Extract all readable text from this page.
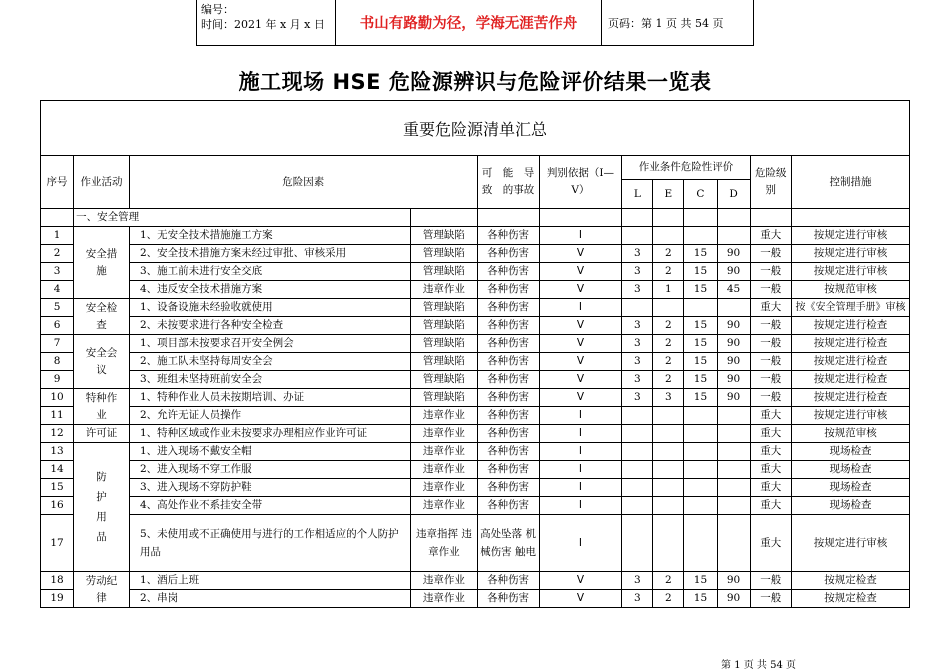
编号：
时间：2021 年 x 月 x 日	书山有路勤为径，学海无涯苦作舟	页码：第 1 页 共 54 页
施工现场 HSE 危险源辨识与危险评价结果一览表
重要危险源清单汇总
序号	作业活动	危险因素		可　能　导　致　的事故	判别依据（Ⅰ—Ⅴ）	作业条件危险性评价				危险级别	控制措施
						L	E	C	D		
	一、安全管理										
1	安全措施	1、无安全技术措施施工方案	管理缺陷	各种伤害	Ⅰ					重大	按规定进行审核
2		2、安全技术措施方案未经过审批、审核采用	管理缺陷	各种伤害	Ⅴ	3	2	15	90	一般	按规定进行审核
3		3、施工前未进行安全交底	管理缺陷	各种伤害	Ⅴ	3	2	15	90	一般	按规定进行审核
4		4、违反安全技术措施方案	违章作业	各种伤害	Ⅴ	3	1	15	45	一般	按规范审核
5	安全检查	1、设备设施未经验收就使用	管理缺陷	各种伤害	Ⅰ					重大	按《安全管理手册》审核
6		2、未按要求进行各种安全检查	管理缺陷	各种伤害	Ⅴ	3	2	15	90	一般	按规定进行检查
7	安全会议	1、项目部未按要求召开安全例会	管理缺陷	各种伤害	Ⅴ	3	2	15	90	一般	按规定进行检查
8		2、施工队未坚持每周安全会	管理缺陷	各种伤害	Ⅴ	3	2	15	90	一般	按规定进行检查
9		3、班组未坚持班前安全会	管理缺陷	各种伤害	Ⅴ	3	2	15	90	一般	按规定进行检查
10	特种作业	1、特种作业人员未按期培训、办证	管理缺陷	各种伤害	Ⅴ	3	3	15	90	一般	按规定进行检查
11		2、允许无证人员操作	违章作业	各种伤害	Ⅰ					重大	按规定进行审核
12	许可证	1、特种区域或作业未按要求办理相应作业许可证	违章作业	各种伤害	Ⅰ					重大	按规范审核
13	防护用品	1、进入现场不戴安全帽	违章作业	各种伤害	Ⅰ					重大	现场检查
14		2、进入现场不穿工作服	违章作业	各种伤害	Ⅰ					重大	现场检查
15		3、进入现场不穿防护鞋	违章作业	各种伤害	Ⅰ					重大	现场检查
16		4、高处作业不系挂安全带	违章作业	各种伤害	Ⅰ					重大	现场检查
17		5、未使用或不正确使用与进行的工作相适应的个人防护用品	违章指挥 违章作业	高处坠落 机械伤害 触电	Ⅰ					重大	按规定进行审核
18	劳动纪律	1、酒后上班	违章作业	各种伤害	Ⅴ	3	2	15	90	一般	按规定检查
19		2、串岗	违章作业	各种伤害	Ⅴ	3	2	15	90	一般	按规定检查
第 1 页 共 54 页
